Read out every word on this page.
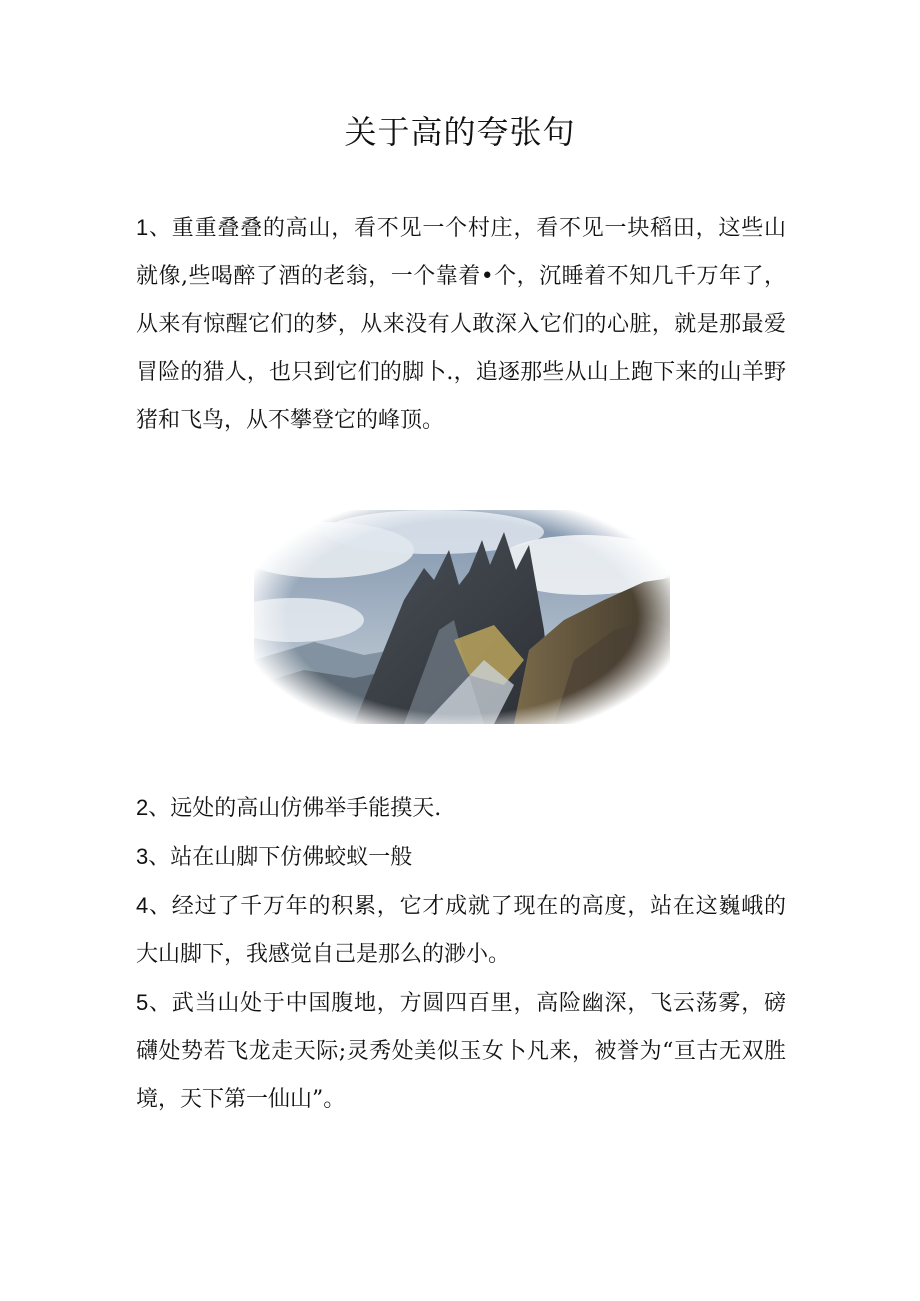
关于高的夸张句

1、重重叠叠的高山，看不见一个村庄，看不见一块稻田，这些山就像,些喝醉了酒的老翁，一个靠着•个，沉睡着不知几千万年了，从来有惊醒它们的梦，从来没有人敢深入它们的心脏，就是那最爱冒险的猎人，也只到它们的脚卜.，追逐那些从山上跑下来的山羊野猪和飞鸟，从不攀登它的峰顶。

2、远处的高山仿佛举手能摸天.

3、站在山脚下仿佛蛟蚁一般

4、经过了千万年的积累，它才成就了现在的高度，站在这巍峨的大山脚下，我感觉自己是那么的渺小。

5、武当山处于中国腹地，方圆四百里，高险幽深，飞云荡雾，磅礴处势若飞龙走天际;灵秀处美似玉女卜凡来，被誉为“亘古无双胜境，天下第一仙山”。
